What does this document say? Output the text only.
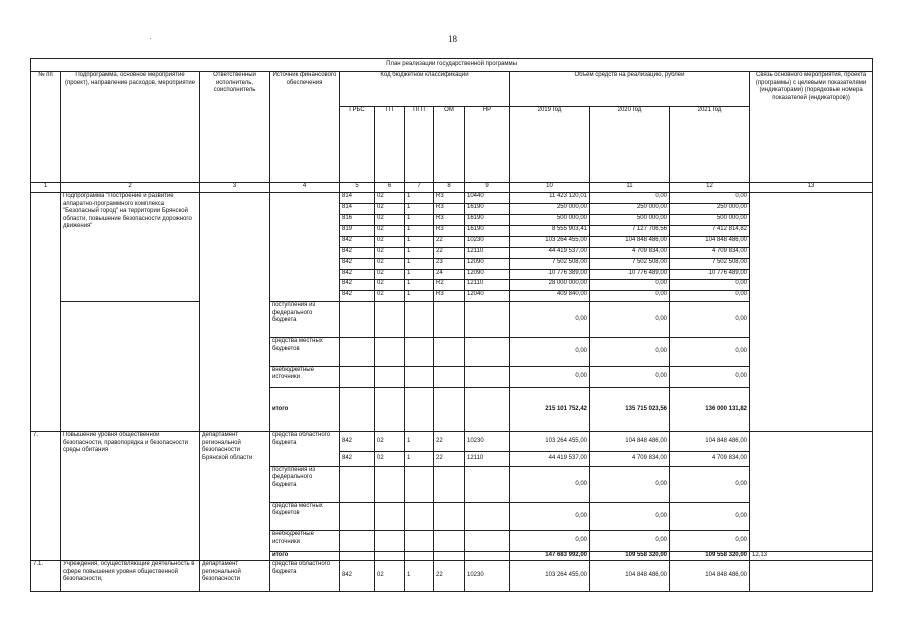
18
План реализации государственной программы												
№ пп	Подпрограмма, основное мероприятие (проект), направление расходов, мероприятие	Ответственный исполнитель, соисполнитель	Источник финансового обеспечения	Код бюджетной классификации					Объём средств на реализацию, рублей			Связь основного мероприятия, проекта (программы) с целевыми показателями (индикаторами) (порядковые номера показателей (индикаторов))
				ГРБС	ГП	ПГП	ОМ	НР	2019 год	2020 год	2021 год	
1	2	3	4	5	6	7	8	9	10	11	12	13
	Подпрограмма "Построение и развитие аппаратно-программного комплекса "Безопасный город" на территории Брянской области, повышение безопасности дорожного движения"			814	02	1	R3	10440	11 423 120,01	0,00	0,00	
				814	02	1	R3	16190	250 000,00	250 000,00	250 000,00	
				816	02	1	R3	16190	500 000,00	500 000,00	500 000,00	
				819	02	1	R3	16190	8 555 903,41	7 127 706,56	7 412 814,82	
				842	02	1	22	10230	103 264 455,00	104 848 486,00	104 848 486,00	
				842	02	1	22	12110	44 419 537,00	4 709 834,00	4 709 834,00	
				842	02	1	23	12090	7 502 508,00	7 502 508,00	7 502 508,00	
				842	02	1	24	12090	10 776 389,00	10 776 489,00	10 776 489,00	
				842	02	1	R2	12110	28 000 000,00	0,00	0,00	
				842	02	1	R3	12040	409 840,00	0,00	0,00	
			поступления из федерального бюджета						0,00	0,00	0,00	
			средства местных бюджетов						0,00	0,00	0,00	
			внебюджетные источники						0,00	0,00	0,00	
			итого						215 101 752,42	135 715 023,56	136 000 131,82	
7.	Повышение уровня общественной безопасности, правопорядка и безопасности среды обитания	департамент региональной безопасности Брянской области	средства областного бюджета	842	02	1	22	10230	103 264 455,00	104 848 486,00	104 848 486,00	
				842	02	1	22	12110	44 419 537,00	4 709 834,00	4 709 834,00	
			поступления из федерального бюджета						0,00	0,00	0,00	
			средства местных бюджетов						0,00	0,00	0,00	
			внебюджетные источники						0,00	0,00	0,00	
			итого						147 683 992,00	109 558 320,00	109 558 320,00	12,13
7.1.	Учреждения, осуществляющие деятельность в сфере повышения уровня общественной безопасности,	департамент региональной безопасности	средства областного бюджета	842	02	1	22	10230	103 264 455,00	104 848 486,00	104 848 486,00	
